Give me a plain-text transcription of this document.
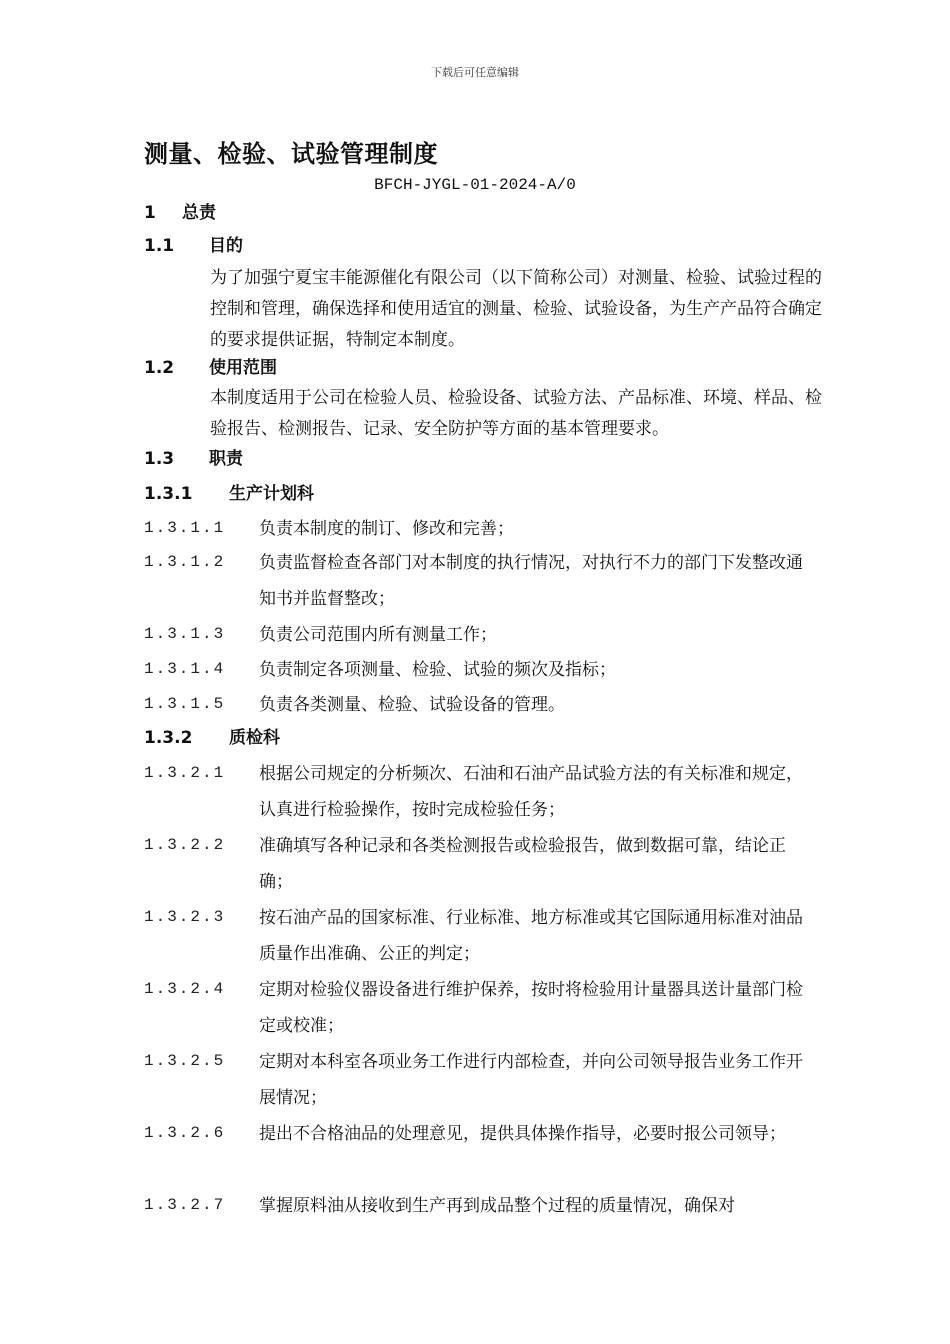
下载后可任意编辑
测量、检验、试验管理制度
BFCH-JYGL-01-2024-A/0
1 总责
1.1 目的
为了加强宁夏宝丰能源催化有限公司（以下简称公司）对测量、检验、试验过程的控制和管理，确保选择和使用适宜的测量、检验、试验设备，为生产产品符合确定的要求提供证据，特制定本制度。
1.2 使用范围
本制度适用于公司在检验人员、检验设备、试验方法、产品标准、环境、样品、检验报告、检测报告、记录、安全防护等方面的基本管理要求。
1.3 职责
1.3.1 生产计划科
1.3.1.1 负责本制度的制订、修改和完善；
1.3.1.2 负责监督检查各部门对本制度的执行情况，对执行不力的部门下发整改通知书并监督整改；
1.3.1.3 负责公司范围内所有测量工作；
1.3.1.4 负责制定各项测量、检验、试验的频次及指标；
1.3.1.5 负责各类测量、检验、试验设备的管理。
1.3.2 质检科
1.3.2.1 根据公司规定的分析频次、石油和石油产品试验方法的有关标准和规定，认真进行检验操作，按时完成检验任务；
1.3.2.2 准确填写各种记录和各类检测报告或检验报告，做到数据可靠，结论正确；
1.3.2.3 按石油产品的国家标准、行业标准、地方标准或其它国际通用标准对油品质量作出准确、公正的判定；
1.3.2.4 定期对检验仪器设备进行维护保养，按时将检验用计量器具送计量部门检定或校准；
1.3.2.5 定期对本科室各项业务工作进行内部检查，并向公司领导报告业务工作开展情况；
1.3.2.6 提出不合格油品的处理意见，提供具体操作指导，必要时报公司领导；
1.3.2.7 掌握原料油从接收到生产再到成品整个过程的质量情况，确保对
